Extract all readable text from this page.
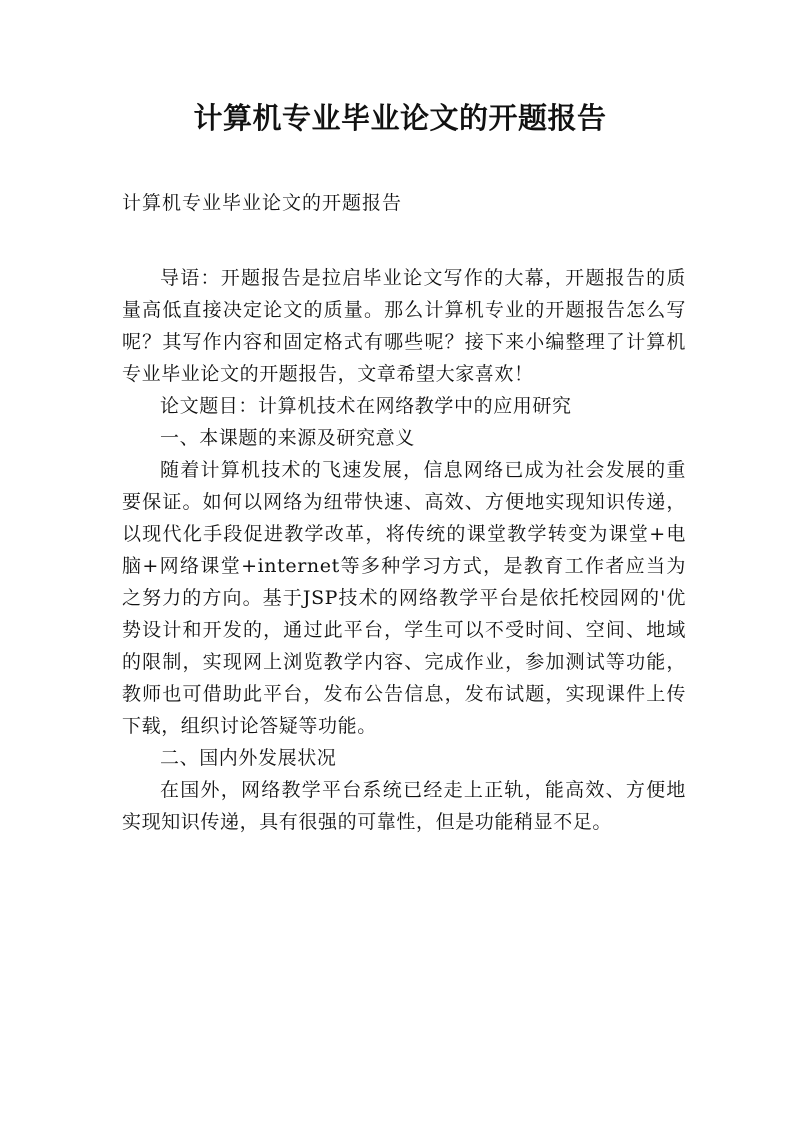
计算机专业毕业论文的开题报告

计算机专业毕业论文的开题报告

导语：开题报告是拉启毕业论文写作的大幕，开题报告的质量高低直接决定论文的质量。那么计算机专业的开题报告怎么写呢？其写作内容和固定格式有哪些呢？接下来小编整理了计算机专业毕业论文的开题报告，文章希望大家喜欢！

论文题目：计算机技术在网络教学中的应用研究

一、本课题的来源及研究意义

随着计算机技术的飞速发展，信息网络已成为社会发展的重要保证。如何以网络为纽带快速、高效、方便地实现知识传递，以现代化手段促进教学改革，将传统的课堂教学转变为课堂+电脑+网络课堂+internet等多种学习方式，是教育工作者应当为之努力的方向。基于JSP技术的网络教学平台是依托校园网的'优势设计和开发的，通过此平台，学生可以不受时间、空间、地域的限制，实现网上浏览教学内容、完成作业，参加测试等功能，教师也可借助此平台，发布公告信息，发布试题，实现课件上传下载，组织讨论答疑等功能。

二、国内外发展状况

在国外，网络教学平台系统已经走上正轨，能高效、方便地实现知识传递，具有很强的可靠性，但是功能稍显不足。
